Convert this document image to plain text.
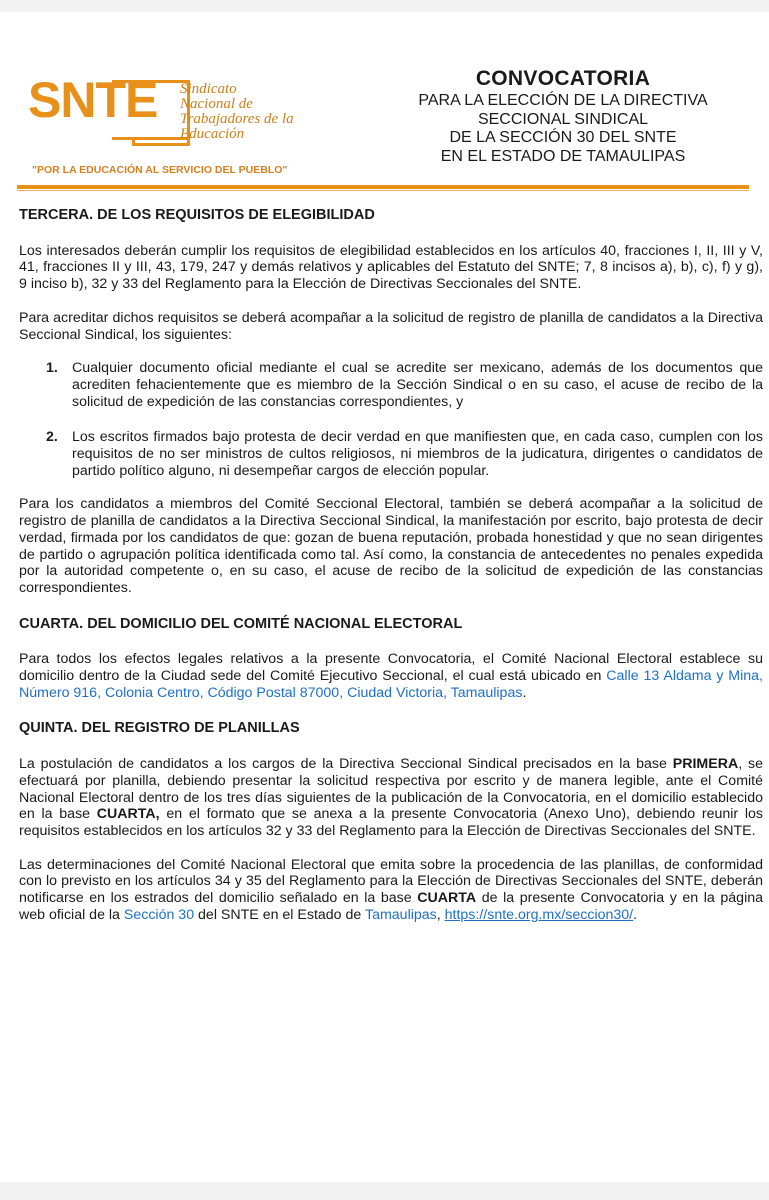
SNTE Sindicato
Nacional de
Trabajadores de la
Educación
"POR LA EDUCACIÓN AL SERVICIO DEL PUEBLO"
CONVOCATORIA
PARA LA ELECCIÓN DE LA DIRECTIVA
SECCIONAL SINDICAL
DE LA SECCIÓN 30 DEL SNTE
EN EL ESTADO DE TAMAULIPAS
TERCERA. DE LOS REQUISITOS DE ELEGIBILIDAD

Los interesados deberán cumplir los requisitos de elegibilidad establecidos en los artículos 40, fracciones I, II, III y V, 41, fracciones II y III, 43, 179, 247 y demás relativos y aplicables del Estatuto del SNTE; 7, 8 incisos a), b), c), f) y g), 9 inciso b), 32 y 33 del Reglamento para la Elección de Directivas Seccionales del SNTE.

Para acreditar dichos requisitos se deberá acompañar a la solicitud de registro de planilla de candidatos a la Directiva Seccional Sindical, los siguientes:

1. Cualquier documento oficial mediante el cual se acredite ser mexicano, además de los documentos que acrediten fehacientemente que es miembro de la Sección Sindical o en su caso, el acuse de recibo de la solicitud de expedición de las constancias correspondientes, y
2. Los escritos firmados bajo protesta de decir verdad en que manifiesten que, en cada caso, cumplen con los requisitos de no ser ministros de cultos religiosos, ni miembros de la judicatura, dirigentes o candidatos de partido político alguno, ni desempeñar cargos de elección popular.

Para los candidatos a miembros del Comité Seccional Electoral, también se deberá acompañar a la solicitud de registro de planilla de candidatos a la Directiva Seccional Sindical, la manifestación por escrito, bajo protesta de decir verdad, firmada por los candidatos de que: gozan de buena reputación, probada honestidad y que no sean dirigentes de partido o agrupación política identificada como tal. Así como, la constancia de antecedentes no penales expedida por la autoridad competente o, en su caso, el acuse de recibo de la solicitud de expedición de las constancias correspondientes.

CUARTA. DEL DOMICILIO DEL COMITÉ NACIONAL ELECTORAL

Para todos los efectos legales relativos a la presente Convocatoria, el Comité Nacional Electoral establece su domicilio dentro de la Ciudad sede del Comité Ejecutivo Seccional, el cual está ubicado en Calle 13 Aldama y Mina, Número 916, Colonia Centro, Código Postal 87000, Ciudad Victoria, Tamaulipas.

QUINTA. DEL REGISTRO DE PLANILLAS

La postulación de candidatos a los cargos de la Directiva Seccional Sindical precisados en la base PRIMERA, se efectuará por planilla, debiendo presentar la solicitud respectiva por escrito y de manera legible, ante el Comité Nacional Electoral dentro de los tres días siguientes de la publicación de la Convocatoria, en el domicilio establecido en la base CUARTA, en el formato que se anexa a la presente Convocatoria (Anexo Uno), debiendo reunir los requisitos establecidos en los artículos 32 y 33 del Reglamento para la Elección de Directivas Seccionales del SNTE.

Las determinaciones del Comité Nacional Electoral que emita sobre la procedencia de las planillas, de conformidad con lo previsto en los artículos 34 y 35 del Reglamento para la Elección de Directivas Seccionales del SNTE, deberán notificarse en los estrados del domicilio señalado en la base CUARTA de la presente Convocatoria y en la página web oficial de la Sección 30 del SNTE en el Estado de Tamaulipas, https://snte.org.mx/seccion30/.
